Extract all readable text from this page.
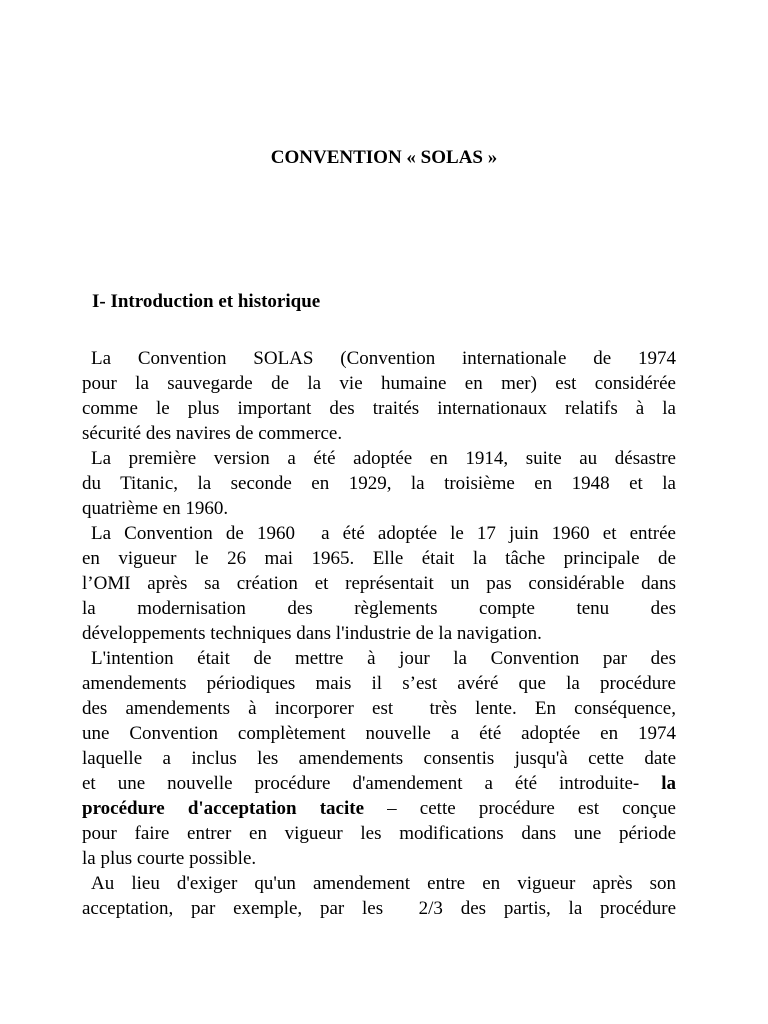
CONVENTION « SOLAS »
I- Introduction et historique
La Convention SOLAS (Convention internationale de 1974
pour la sauvegarde de la vie humaine en mer) est considérée
comme le plus important des traités internationaux relatifs à la
sécurité des navires de commerce.
La première version a été adoptée en 1914, suite au désastre
du Titanic, la seconde en 1929, la troisième en 1948 et la
quatrième en 1960.
La Convention de 1960  a été adoptée le 17 juin 1960 et entrée
en vigueur le 26 mai 1965. Elle était la tâche principale de
l’OMI après sa création et représentait un pas considérable dans
la modernisation des règlements compte tenu des
développements techniques dans l'industrie de la navigation.
L'intention était de mettre à jour la Convention par des
amendements périodiques mais il s’est avéré que la procédure
des amendements à incorporer est  très lente. En conséquence,
une Convention complètement nouvelle a été adoptée en 1974
laquelle a inclus les amendements consentis jusqu'à cette date
et une nouvelle procédure d'amendement a été introduite- la
procédure d'acceptation tacite – cette procédure est conçue
pour faire entrer en vigueur les modifications dans une période
la plus courte possible.
Au lieu d'exiger qu'un amendement entre en vigueur après son
acceptation, par exemple, par les  2/3 des partis, la procédure
